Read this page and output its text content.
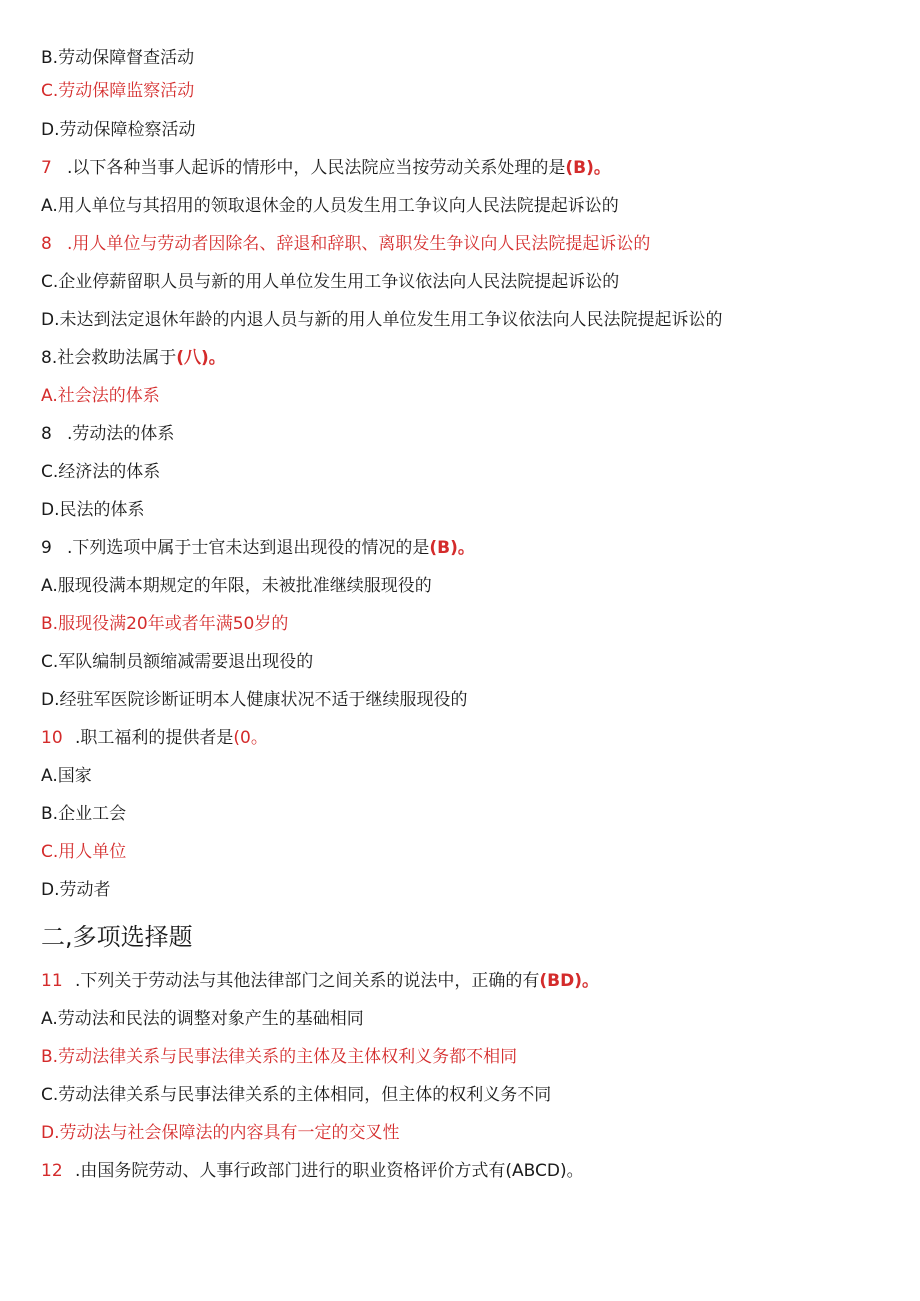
B.劳动保障督查活动
C.劳动保障监察活动
D.劳动保障检察活动
7 .以下各种当事人起诉的情形中，人民法院应当按劳动关系处理的是(B)。
A.用人单位与其招用的领取退休金的人员发生用工争议向人民法院提起诉讼的
8 .用人单位与劳动者因除名、辞退和辞职、离职发生争议向人民法院提起诉讼的
C.企业停薪留职人员与新的用人单位发生用工争议依法向人民法院提起诉讼的
D.未达到法定退休年龄的内退人员与新的用人单位发生用工争议依法向人民法院提起诉讼的
8.社会救助法属于(八)。
A.社会法的体系
8 .劳动法的体系
C.经济法的体系
D.民法的体系
9 .下列选项中属于士官未达到退出现役的情况的是(B)。
A.服现役满本期规定的年限，未被批准继续服现役的
B.服现役满20年或者年满50岁的
C.军队编制员额缩减需要退出现役的
D.经驻军医院诊断证明本人健康状况不适于继续服现役的
10 .职工福利的提供者是(0。
A.国家
B.企业工会
C.用人单位
D.劳动者
二,多项选择题
11 .下列关于劳动法与其他法律部门之间关系的说法中，正确的有(BD)。
A.劳动法和民法的调整对象产生的基础相同
B.劳动法律关系与民事法律关系的主体及主体权利义务都不相同
C.劳动法律关系与民事法律关系的主体相同，但主体的权利义务不同
D.劳动法与社会保障法的内容具有一定的交叉性
12 .由国务院劳动、人事行政部门进行的职业资格评价方式有(ABCD)。
